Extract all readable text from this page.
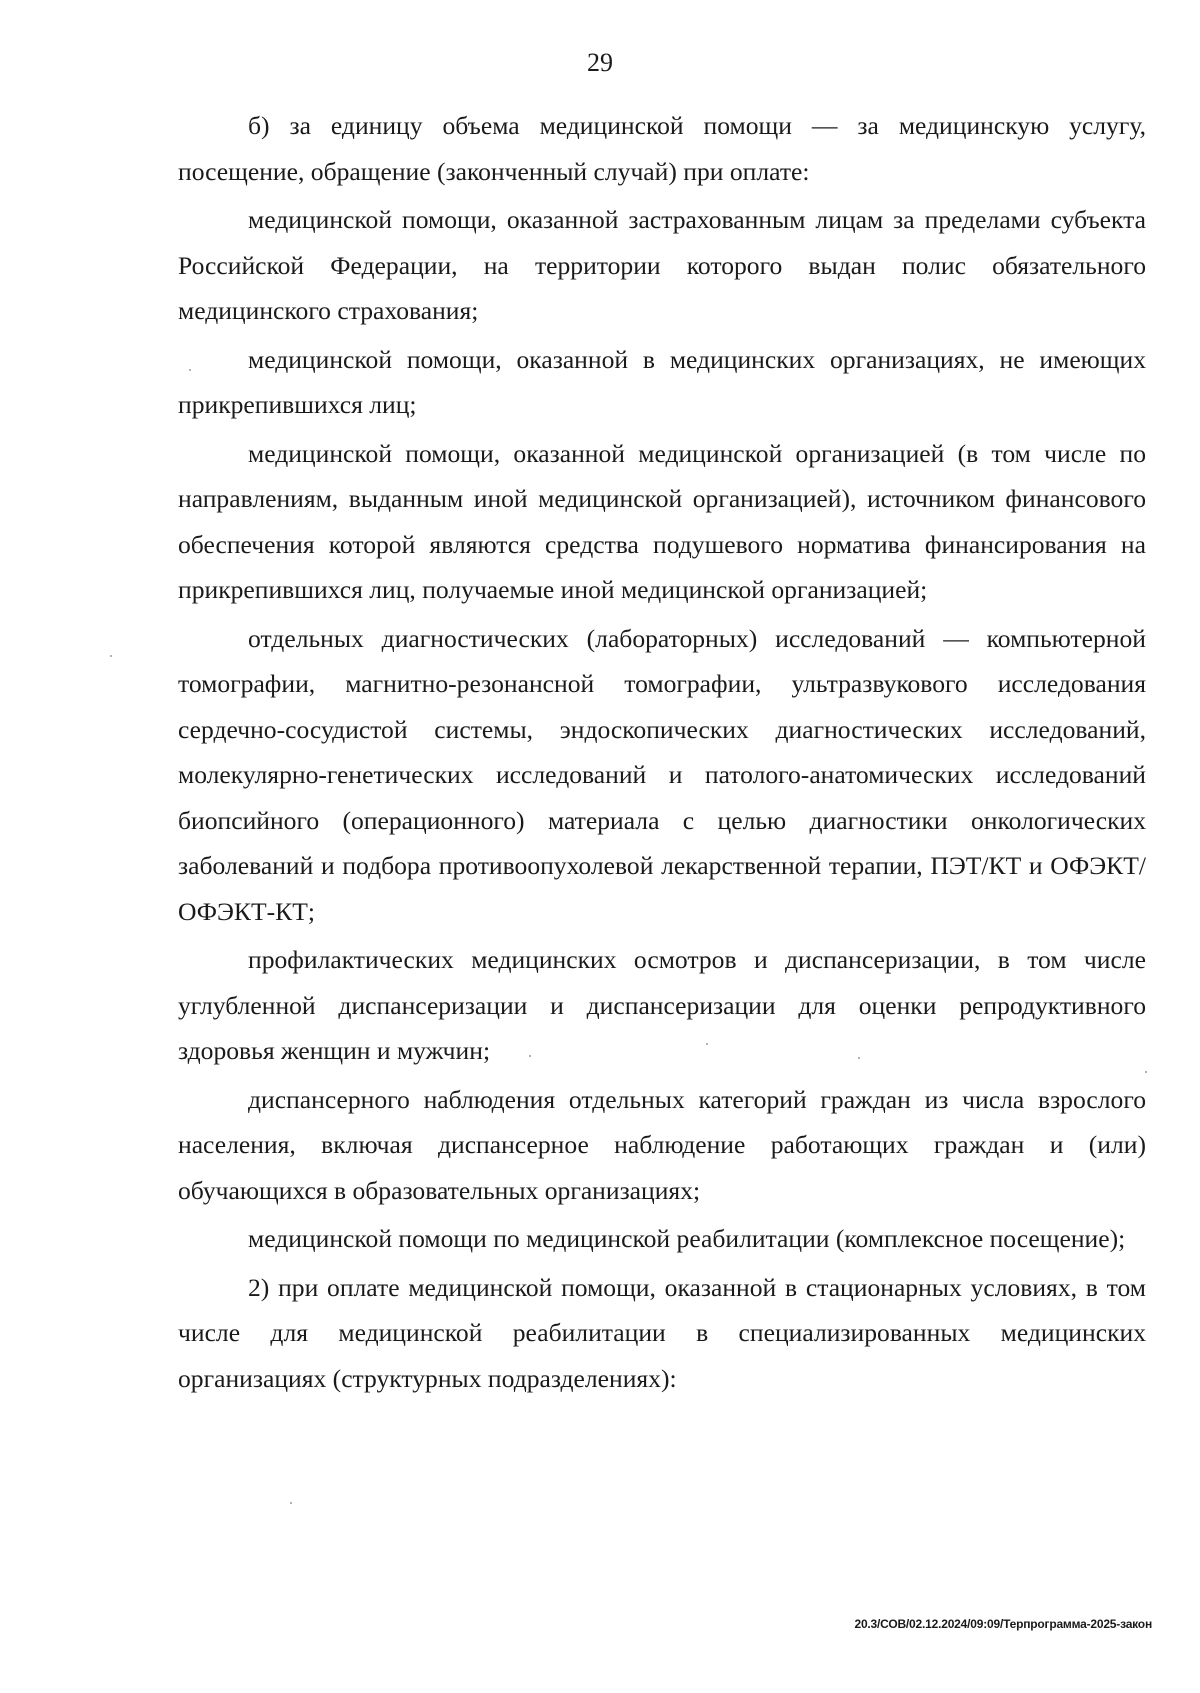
29

б) за единицу объема медицинской помощи — за медицинскую услугу, посещение, обращение (законченный случай) при оплате:

медицинской помощи, оказанной застрахованным лицам за пределами субъекта Российской Федерации, на территории которого выдан полис обязательного медицинского страхования;

медицинской помощи, оказанной в медицинских организациях, не имеющих прикрепившихся лиц;

медицинской помощи, оказанной медицинской организацией (в том числе по направлениям, выданным иной медицинской организацией), источником финансового обеспечения которой являются средства подушевого норматива финансирования на прикрепившихся лиц, получаемые иной медицинской организацией;

отдельных диагностических (лабораторных) исследований — компьютерной томографии, магнитно-резонансной томографии, ультразвукового исследования сердечно-сосудистой системы, эндоскопических диагностических исследований, молекулярно-генетических исследований и патолого-анатомических исследований биопсийного (операционного) материала с целью диагностики онкологических заболеваний и подбора противоопухолевой лекарственной терапии, ПЭТ/КТ и ОФЭКТ/ОФЭКТ-КТ;

профилактических медицинских осмотров и диспансеризации, в том числе углубленной диспансеризации и диспансеризации для оценки репродуктивного здоровья женщин и мужчин;

диспансерного наблюдения отдельных категорий граждан из числа взрослого населения, включая диспансерное наблюдение работающих граждан и (или) обучающихся в образовательных организациях;

медицинской помощи по медицинской реабилитации (комплексное посещение);

2) при оплате медицинской помощи, оказанной в стационарных условиях, в том числе для медицинской реабилитации в специализированных медицинских организациях (структурных подразделениях):

20.3/СОВ/02.12.2024/09:09/Терпрограмма-2025-закон
